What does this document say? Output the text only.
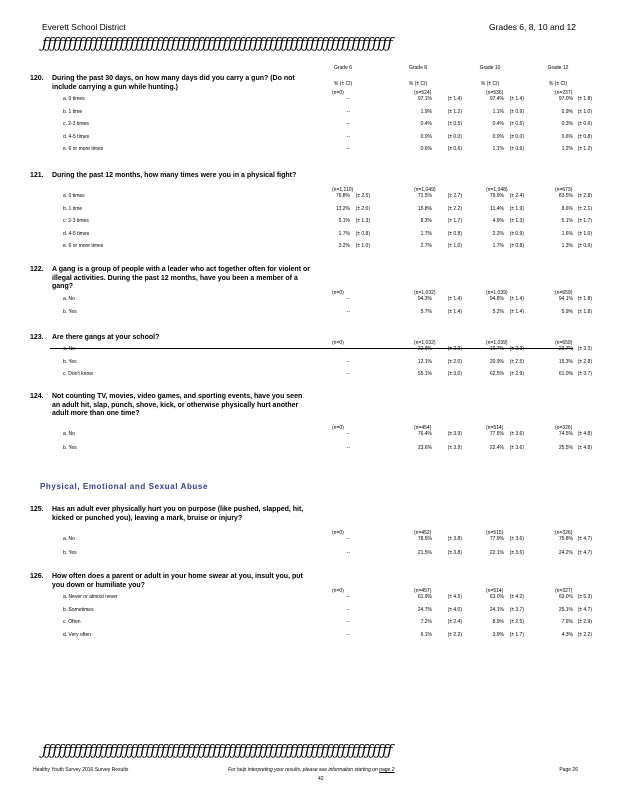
Everett School District	Grades 6, 8, 10 and 12
ƒƒƒƒƒƒƒƒƒƒƒƒƒƒƒƒƒƒƒƒƒƒƒƒƒƒƒƒƒƒƒƒƒƒƒƒƒƒƒƒƒƒƒƒƒƒƒƒƒƒƒƒƒƒƒƒƒƒƒƒƒƒƒƒƒƒƒƒ
Grade 6	Grade 8	Grade 10	Grade 12
% (± CI)	% (± CI)	% (± CI)	% (± CI)
120. During the past 30 days, on how many days did you carry a gun? (Do not include carrying a gun while hunting.)
(n=0)	(n=524)	(n=536)	(n=237)
a. 0 times	--	97.1%	(± 1.4)	97.4%	(± 1.4)	97.0% (± 1.8)
b. 1 time	--	1.9%	(± 1.2)	1.1%	(± 0.9)	0.9% (± 1.0)
c. 2-3 times	--	0.4%	(± 0.5)	0.4%	(± 0.5)	0.3% (± 0.6)
d. 4-5 times	--	0.0%	(± 0.0)	0.0%	(± 0.0)	0.6% (± 0.8)
e. 6 or more times	--	0.6%	(± 0.6)	1.1%	(± 0.9)	1.2% (± 1.2)
121. During the past 12 months, how many times were you in a physical fight?
(n=1,110)	(n=1,049)	(n=1,048)	(n=673)
a. 0 times	76.8%	(± 2.5)	71.5%	(± 2.7)	79.9%	(± 2.4)	83.5% (± 2.8)
b. 1 time	13.2%	(± 2.0)	15.8%	(± 2.2)	11.4%	(± 1.9)	8.6% (± 2.1)
c. 2-3 times	5.1%	(± 1.3)	8.3%	(± 1.7)	4.9%	(± 1.3)	5.1% (± 1.7)
d. 4-5 times	1.7%	(± 0.8)	1.7%	(± 0.8)	2.2%	(± 0.9)	1.6% (± 1.0)
e. 6 or more times	3.2%	(± 1.0)	2.7%	(± 1.0)	1.7%	(± 0.8)	1.3% (± 0.9)
122. A gang is a group of people with a leader who act together often for violent or illegal activities. During the past 12 months, have you been a member of a gang?
(n=0)	(n=1,032)	(n=1,039)	(n=659)
a. No	--	94.3%	(± 1.4)	94.8%	(± 1.4)	94.1% (± 1.8)
b. Yes	--	5.7%	(± 1.4)	5.2%	(± 1.4)	5.9% (± 1.8)
123. Are there gangs at your school?
(n=0)	(n=1,032)	(n=1,039)	(n=659)
a. No	--	32.8%	(± 2.9)	16.7%	(± 2.3)	23.7% (± 3.3)
b. Yes	--	12.1%	(± 2.0)	20.9%	(± 2.5)	15.3% (± 2.8)
c. Don't know	--	55.1%	(± 3.0)	62.5%	(± 2.9)	61.0% (± 3.7)
124. Not counting TV, movies, video games, and sporting events, have you seen an adult hit, slap, punch, shove, kick, or otherwise physically hurt another adult more than one time?
(n=0)	(n=454)	(n=514)	(n=326)
a. No	--	76.4%	(± 3.9)	77.6%	(± 3.6)	74.5% (± 4.8)
b. Yes	--	23.6%	(± 3.9)	22.4%	(± 3.6)	25.5% (± 4.8)
125. Has an adult ever physically hurt you on purpose (like pushed, slapped, hit, kicked or punched you), leaving a mark, bruise or injury?
(n=0)	(n=452)	(n=515)	(n=326)
a. No	--	78.5%	(± 3.8)	77.9%	(± 3.6)	75.8% (± 4.7)
b. Yes	--	21.5%	(± 3.8)	22.1%	(± 3.6)	24.2% (± 4.7)
126. How often does a parent or adult in your home swear at you, insult you, put you down or humiliate you?
(n=0)	(n=457)	(n=514)	(n=327)
a. Never or almost never	--	61.9%	(± 4.5)	63.0%	(± 4.2)	63.0% (± 5.3)
b. Sometimes	--	24.7%	(± 4.0)	24.1%	(± 3.7)	25.1% (± 4.7)
c. Often	--	7.2%	(± 2.4)	8.9%	(± 2.5)	7.6% (± 2.9)
d. Very often	--	6.1%	(± 2.2)	3.9%	(± 1.7)	4.3% (± 2.2)
Physical, Emotional and Sexual Abuse
ƒƒƒƒƒƒƒƒƒƒƒƒƒƒƒƒƒƒƒƒƒƒƒƒƒƒƒƒƒƒƒƒƒƒƒƒƒƒƒƒƒƒƒƒƒƒƒƒƒƒƒƒƒƒƒƒƒƒƒƒƒƒƒƒƒƒƒƒ
Healthy Youth Survey 2016 Survey Results	For help interpreting your results, please see information starting on page 2
42
Page 26
